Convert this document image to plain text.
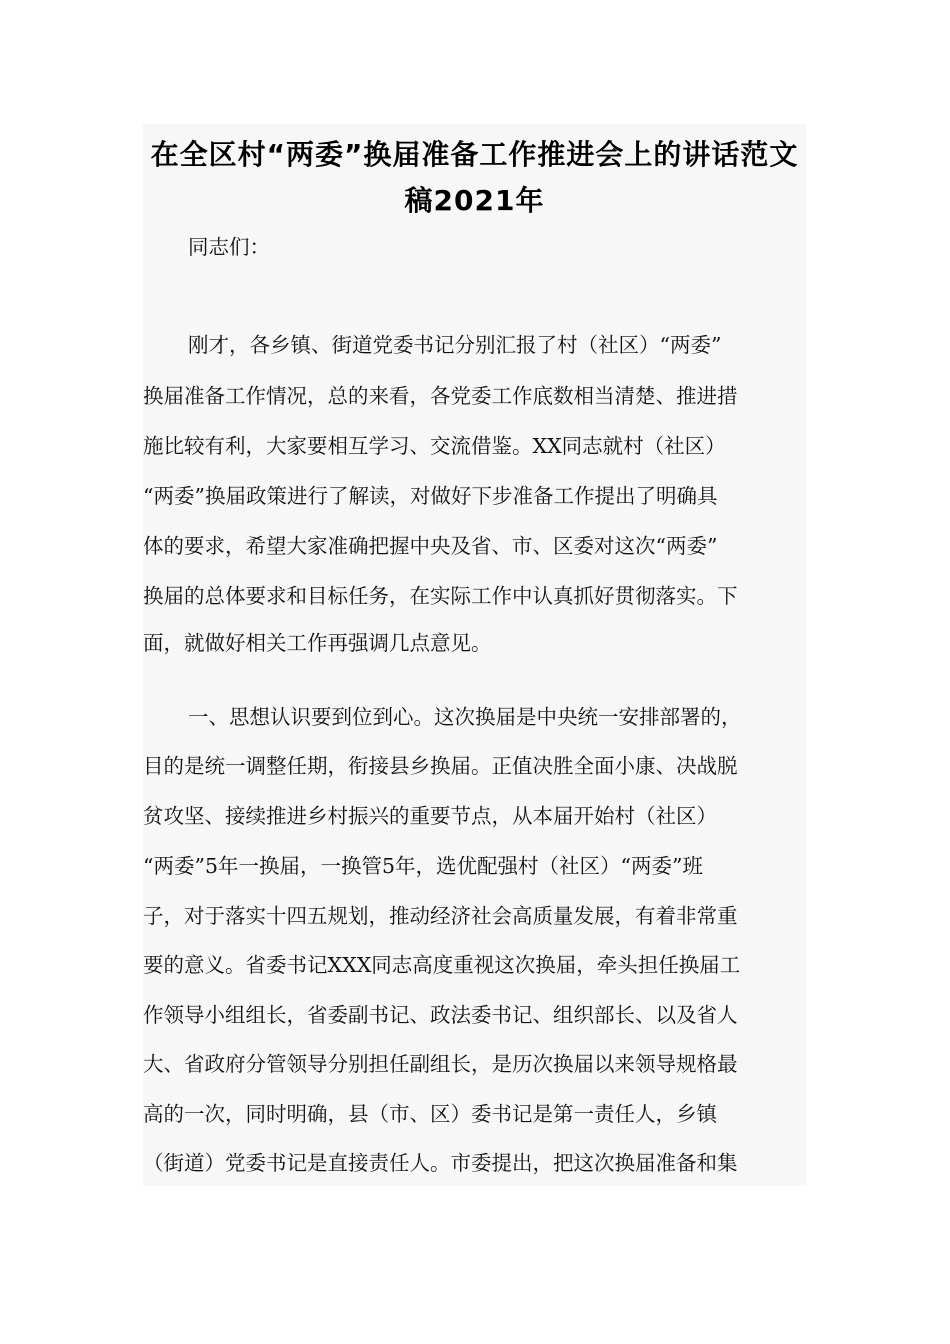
在全区村“两委”换届准备工作推进会上的讲话范文
稿2021年

同志们：

刚才，各乡镇、街道党委书记分别汇报了村（社区）“两委”

换届准备工作情况，总的来看，各党委工作底数相当清楚、推进措

施比较有利，大家要相互学习、交流借鉴。XX同志就村（社区）

“两委”换届政策进行了解读，对做好下步准备工作提出了明确具

体的要求，希望大家准确把握中央及省、市、区委对这次“两委”

换届的总体要求和目标任务，在实际工作中认真抓好贯彻落实。下

面，就做好相关工作再强调几点意见。

一、思想认识要到位到心。这次换届是中央统一安排部署的，

目的是统一调整任期，衔接县乡换届。正值决胜全面小康、决战脱

贫攻坚、接续推进乡村振兴的重要节点，从本届开始村（社区）

“两委”5年一换届，一换管5年，选优配强村（社区）“两委”班

子，对于落实十四五规划，推动经济社会高质量发展，有着非常重

要的意义。省委书记XXX同志高度重视这次换届，牵头担任换届工

作领导小组组长，省委副书记、政法委书记、组织部长、以及省人

大、省政府分管领导分别担任副组长，是历次换届以来领导规格最

高的一次，同时明确，县（市、区）委书记是第一责任人，乡镇

（街道）党委书记是直接责任人。市委提出，把这次换届准备和集
